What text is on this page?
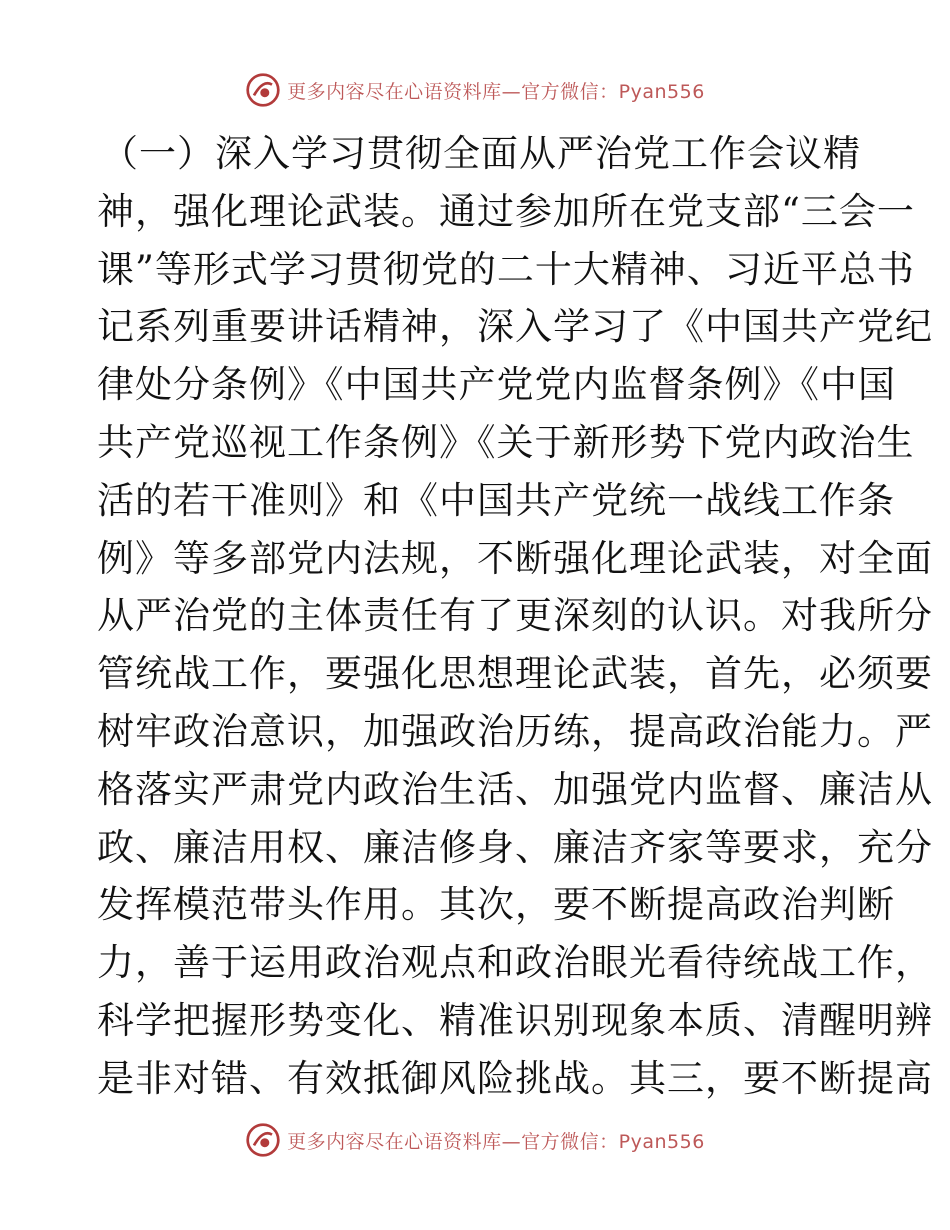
更多内容尽在心语资料库—官方微信：Pyan556
（一）深入学习贯彻全面从严治党工作会议精
神，强化理论武装。通过参加所在党支部“三会一
课”等形式学习贯彻党的二十大精神、习近平总书
记系列重要讲话精神，深入学习了《中国共产党纪
律处分条例》《中国共产党党内监督条例》《中国
共产党巡视工作条例》《关于新形势下党内政治生
活的若干准则》和《中国共产党统一战线工作条
例》等多部党内法规，不断强化理论武装，对全面
从严治党的主体责任有了更深刻的认识。对我所分
管统战工作，要强化思想理论武装，首先，必须要
树牢政治意识，加强政治历练，提高政治能力。严
格落实严肃党内政治生活、加强党内监督、廉洁从
政、廉洁用权、廉洁修身、廉洁齐家等要求，充分
发挥模范带头作用。其次，要不断提高政治判断
力，善于运用政治观点和政治眼光看待统战工作，
科学把握形势变化、精准识别现象本质、清醒明辨
是非对错、有效抵御风险挑战。其三，要不断提高
更多内容尽在心语资料库—官方微信：Pyan556
